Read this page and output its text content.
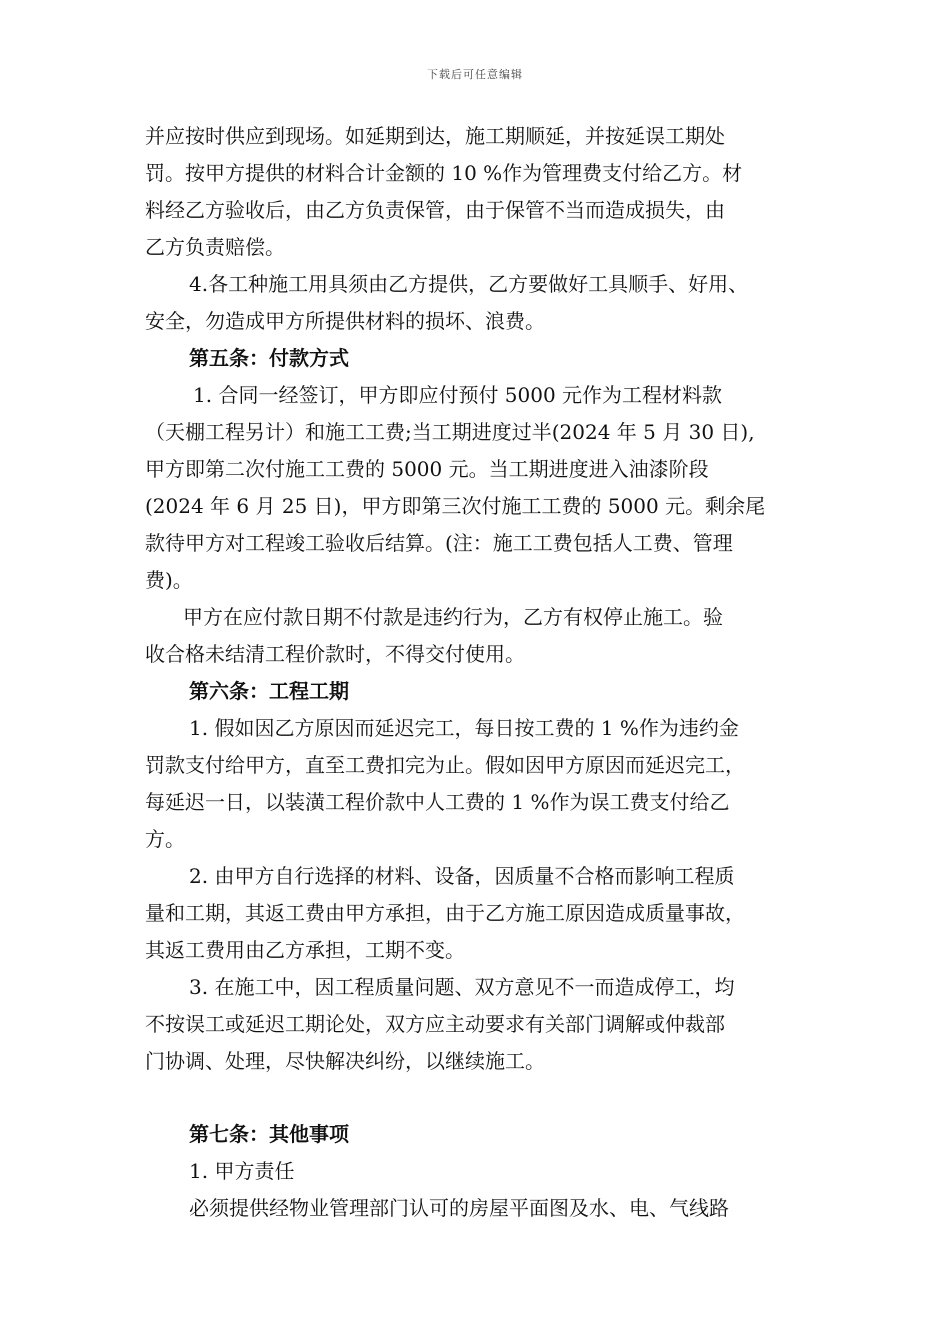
下载后可任意编辑
并应按时供应到现场。如延期到达，施工期顺延，并按延误工期处
罚。按甲方提供的材料合计金额的 10 %作为管理费支付给乙方。材
料经乙方验收后，由乙方负责保管，由于保管不当而造成损失，由
乙方负责赔偿。
4.各工种施工用具须由乙方提供，乙方要做好工具顺手、好用、
安全，勿造成甲方所提供材料的损坏、浪费。
第五条：付款方式
1. 合同一经签订，甲方即应付预付 5000 元作为工程材料款
（天棚工程另计）和施工工费;当工期进度过半(2024 年 5 月 30 日),
甲方即第二次付施工工费的 5000 元。当工期进度进入油漆阶段
(2024 年 6 月 25 日)，甲方即第三次付施工工费的 5000 元。剩余尾
款待甲方对工程竣工验收后结算。(注：施工工费包括人工费、管理
费)。
甲方在应付款日期不付款是违约行为，乙方有权停止施工。验
收合格未结清工程价款时，不得交付使用。
第六条：工程工期
1. 假如因乙方原因而延迟完工，每日按工费的 1 %作为违约金
罚款支付给甲方，直至工费扣完为止。假如因甲方原因而延迟完工，
每延迟一日，以装潢工程价款中人工费的 1 %作为误工费支付给乙
方。
2. 由甲方自行选择的材料、设备，因质量不合格而影响工程质
量和工期，其返工费由甲方承担，由于乙方施工原因造成质量事故，
其返工费用由乙方承担，工期不变。
3. 在施工中，因工程质量问题、双方意见不一而造成停工，均
不按误工或延迟工期论处，双方应主动要求有关部门调解或仲裁部
门协调、处理，尽快解决纠纷，以继续施工。
第七条：其他事项
1. 甲方责任
必须提供经物业管理部门认可的房屋平面图及水、电、气线路
